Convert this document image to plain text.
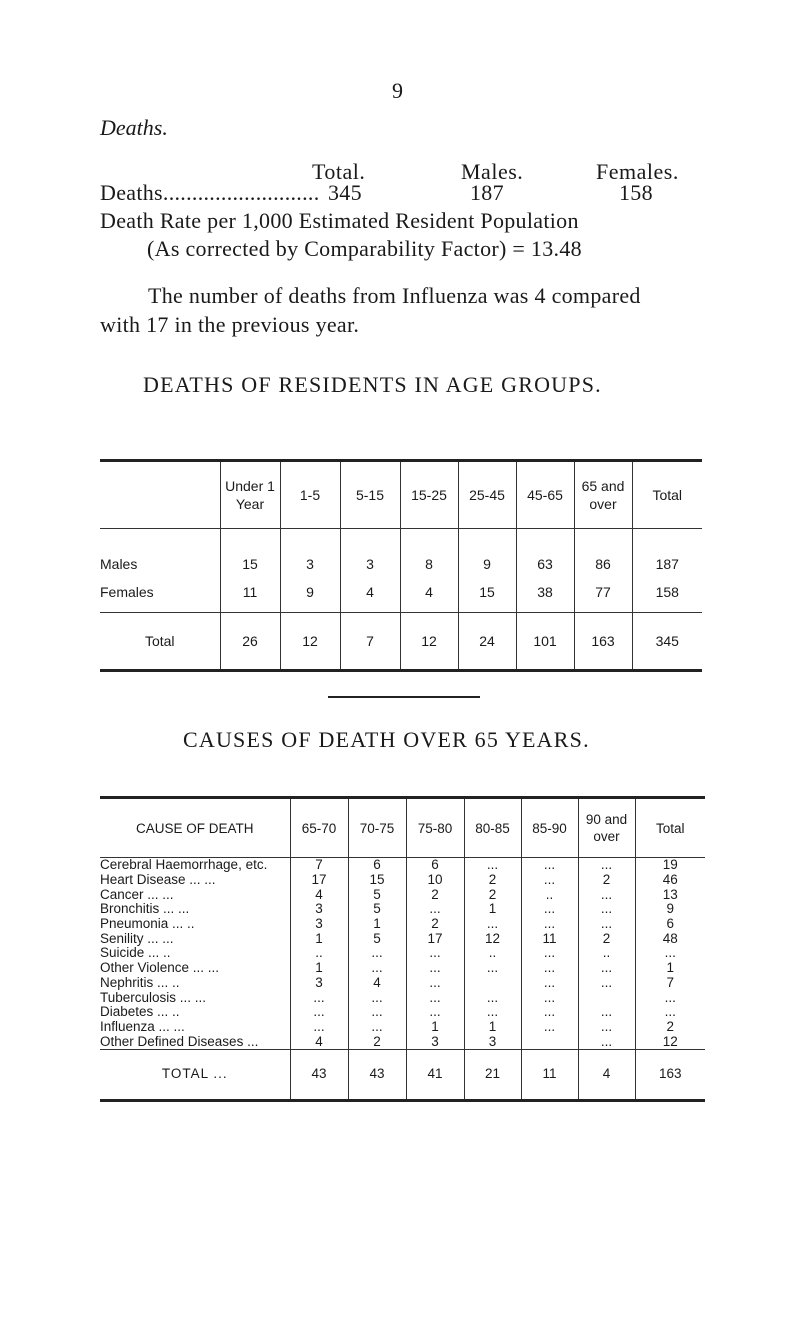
9
Deaths.
Total.	Males.	Females.
Deaths........................... 345	187	158
Death Rate per 1,000 Estimated Resident Population
(As corrected by Comparability Factor) = 13.48
The number of deaths from Influenza was 4 compared
with 17 in the previous year.
DEATHS OF RESIDENTS IN AGE GROUPS.
	Under 1 Year	1-5	5-15	15-25	25-45	45-65	65 and over	Total
Males	15	3	3	8	9	63	86	187
Females	11	9	4	4	15	38	77	158
Total	26	12	7	12	24	101	163	345
CAUSES OF DEATH OVER 65 YEARS.
CAUSE OF DEATH	65-70	70-75	75-80	80-85	85-90	90 and over	Total
Cerebral Haemorrhage, etc.	7	6	6	...	...	...	19
Heart Disease ... ...	17	15	10	2	...	2	46
Cancer ... ...	4	5	2	2	..	...	13
Bronchitis ... ...	3	5	...	1	...	...	9
Pneumonia ... ..	3	1	2	...	...	...	6
Senility ... ...	1	5	17	12	11	2	48
Suicide ... ..	..	...	...	..	...	..	...
Other Violence ... ...	1	...	...	...	...	...	1
Nephritis ... ..	3	4	...		...	...	7
Tuberculosis ... ...	...	...	...	...	...		...
Diabetes ... ..	...	...	...	...	...	...	...
Influenza ... ...	...	...	1	1	...	...	2
Other Defined Diseases ...	4	2	3	3		...	12
TOTAL ...	43	43	41	21	11	4	163
